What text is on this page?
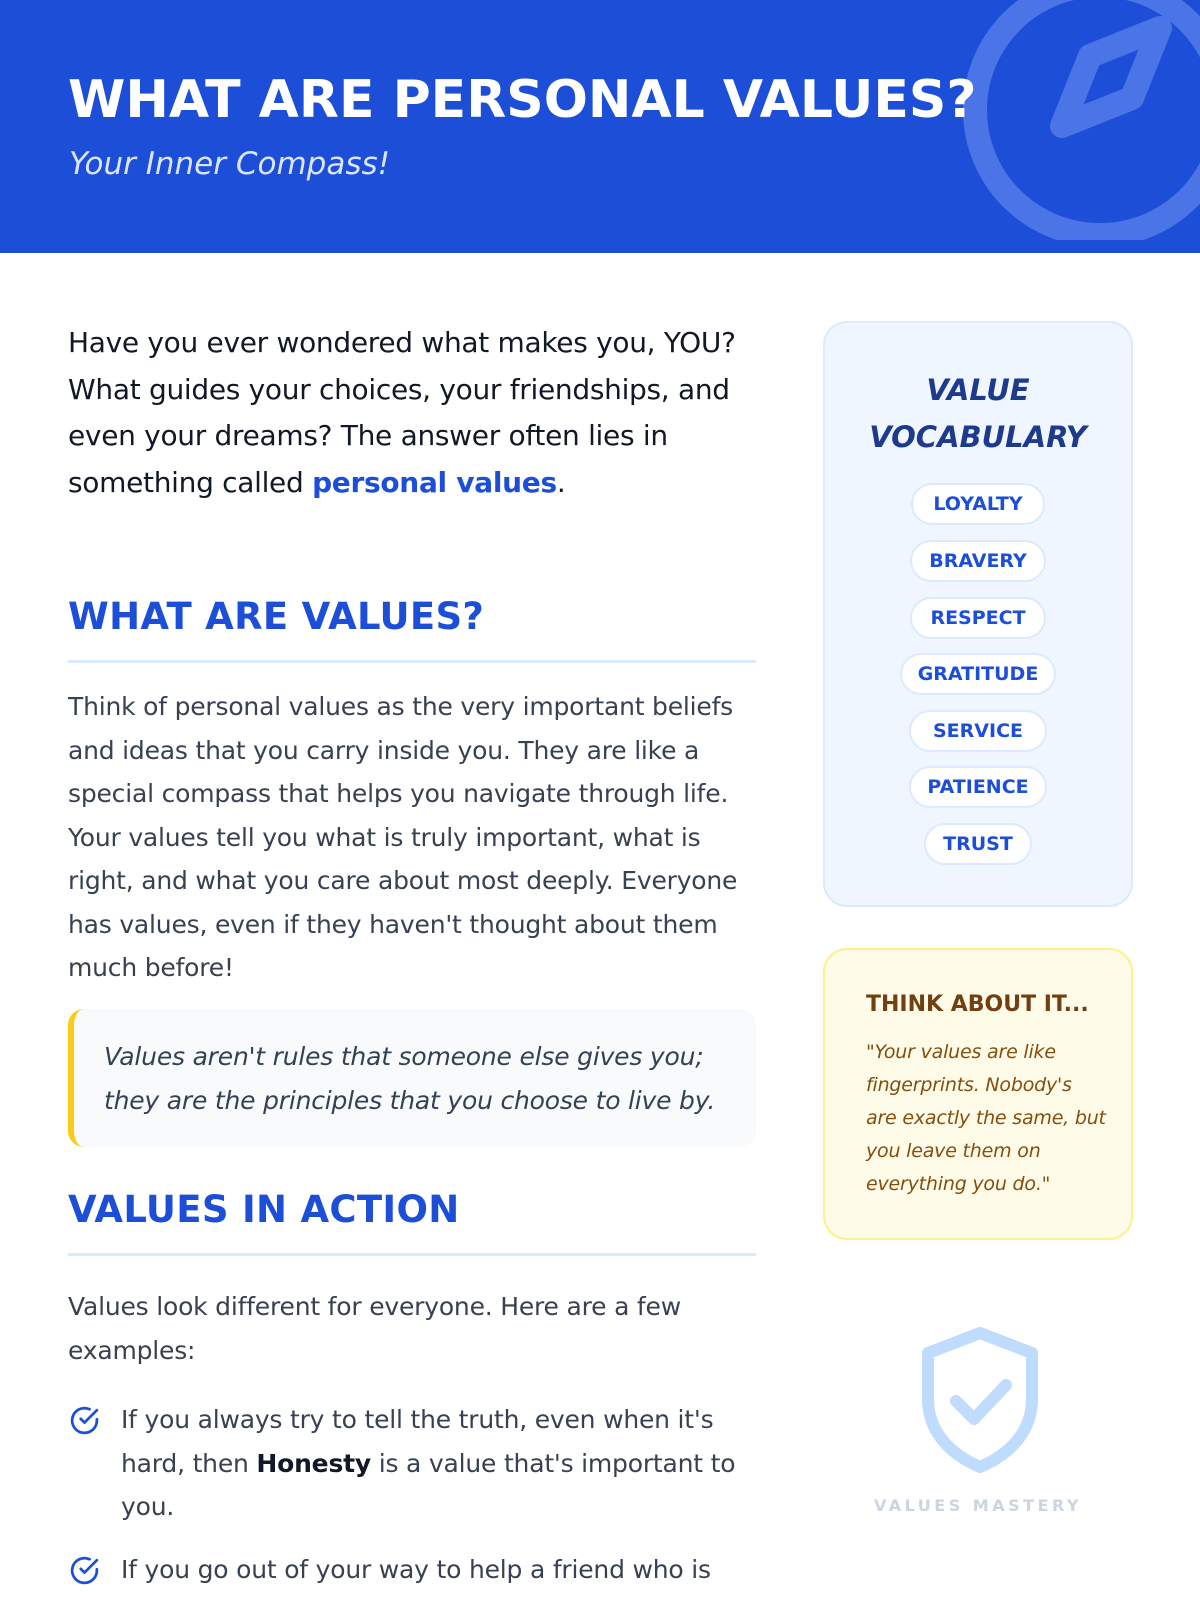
WHAT ARE PERSONAL VALUES?
Your Inner Compass!

Have you ever wondered what makes you, YOU? What guides your choices, your friendships, and even your dreams? The answer often lies in something called personal values.

WHAT ARE VALUES?

Think of personal values as the very important beliefs and ideas that you carry inside you. They are like a special compass that helps you navigate through life. Your values tell you what is truly important, what is right, and what you care about most deeply. Everyone has values, even if they haven't thought about them much before!

Values aren't rules that someone else gives you; they are the principles that you choose to live by.

VALUES IN ACTION

Values look different for everyone. Here are a few examples:

If you always try to tell the truth, even when it's hard, then Honesty is a value that's important to you.

If you go out of your way to help a friend who is

VALUE VOCABULARY
LOYALTY
BRAVERY
RESPECT
GRATITUDE
SERVICE
PATIENCE
TRUST
THINK ABOUT IT...

"Your values are like fingerprints. Nobody's are exactly the same, but you leave them on everything you do."

VALUES MASTERY
